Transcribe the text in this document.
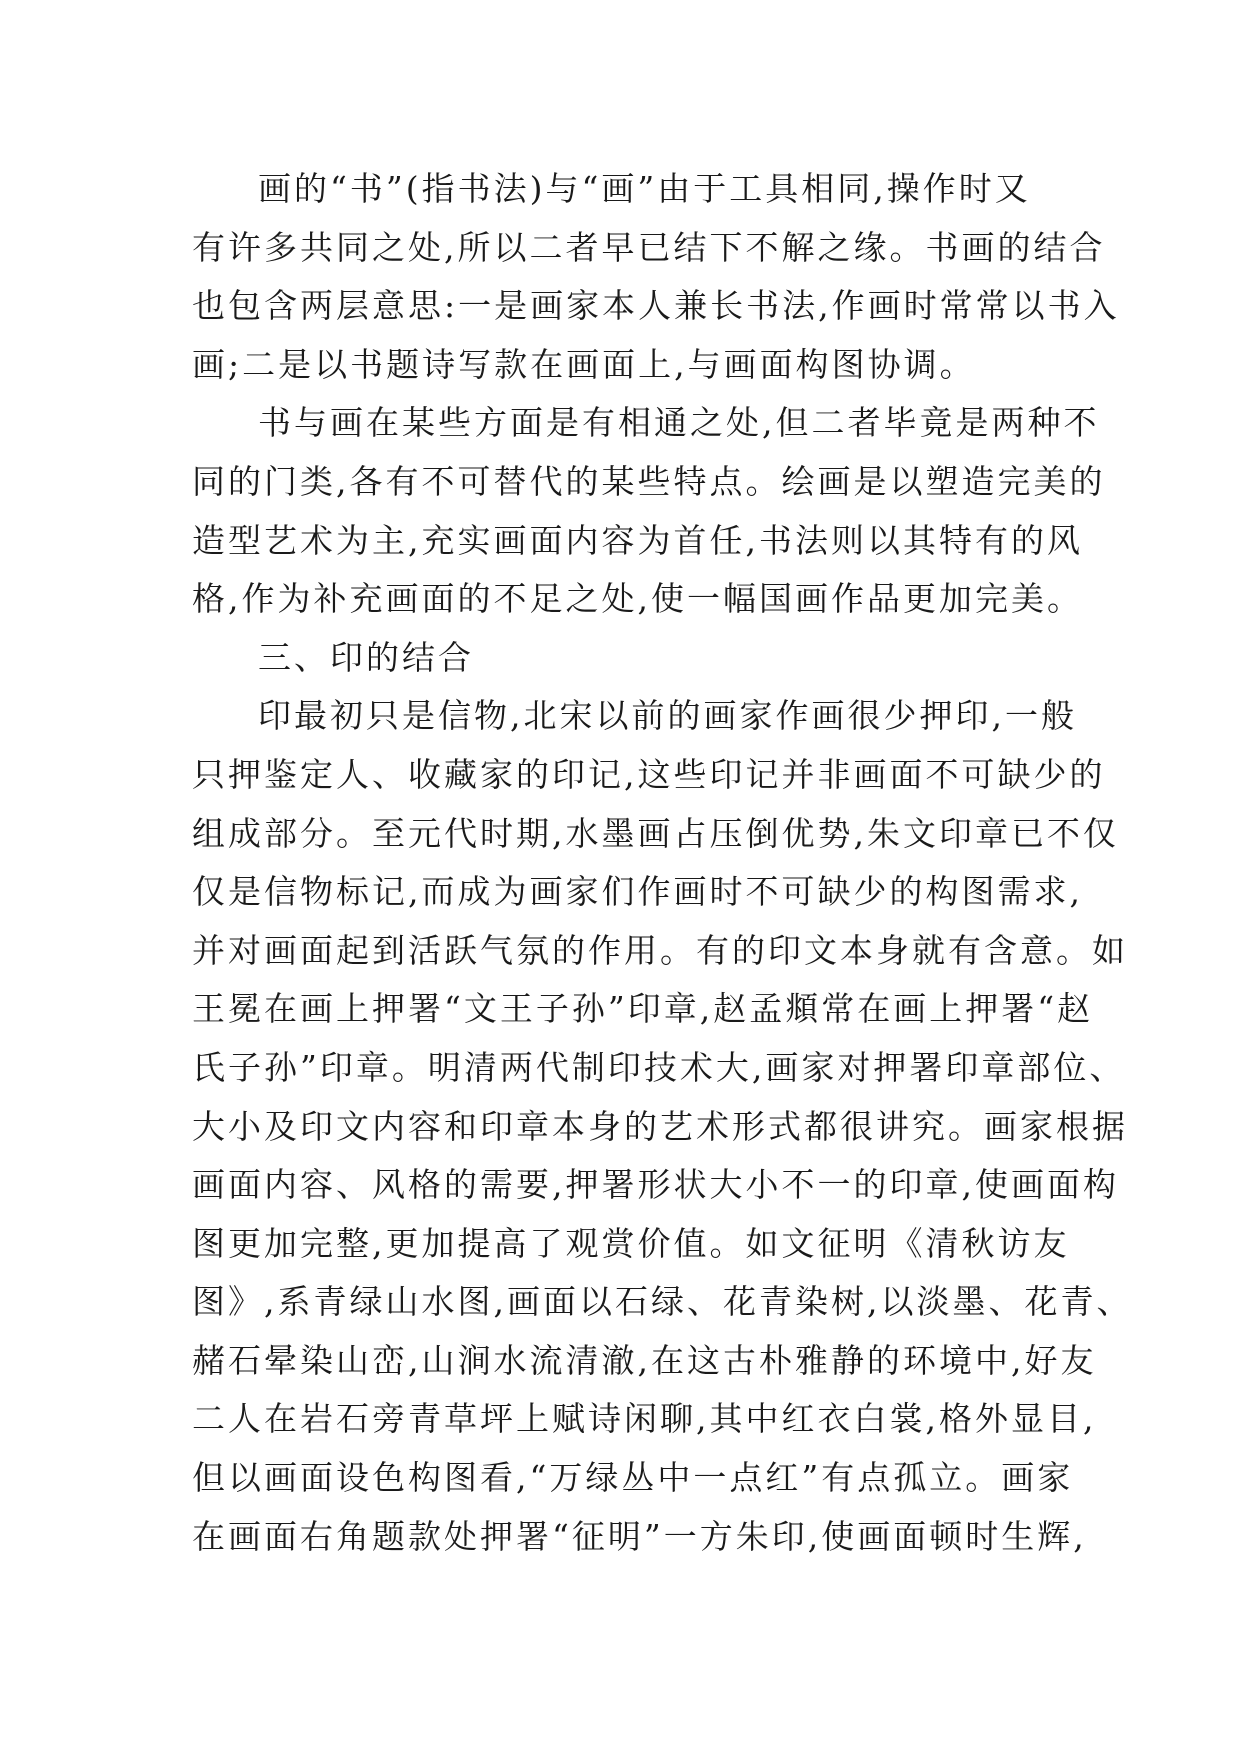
画的“书”(指书法)与“画”由于工具相同,操作时又
有许多共同之处,所以二者早已结下不解之缘。书画的结合
也包含两层意思:一是画家本人兼长书法,作画时常常以书入
画;二是以书题诗写款在画面上,与画面构图协调。
书与画在某些方面是有相通之处,但二者毕竟是两种不
同的门类,各有不可替代的某些特点。绘画是以塑造完美的
造型艺术为主,充实画面内容为首任,书法则以其特有的风
格,作为补充画面的不足之处,使一幅国画作品更加完美。
三、印的结合
印最初只是信物,北宋以前的画家作画很少押印,一般
只押鉴定人、收藏家的印记,这些印记并非画面不可缺少的
组成部分。至元代时期,水墨画占压倒优势,朱文印章已不仅
仅是信物标记,而成为画家们作画时不可缺少的构图需求,
并对画面起到活跃气氛的作用。有的印文本身就有含意。如
王冕在画上押署“文王子孙”印章,赵孟頫常在画上押署“赵
氏子孙”印章。明清两代制印技术大,画家对押署印章部位、
大小及印文内容和印章本身的艺术形式都很讲究。画家根据
画面内容、风格的需要,押署形状大小不一的印章,使画面构
图更加完整,更加提高了观赏价值。如文征明《清秋访友
图》,系青绿山水图,画面以石绿、花青染树,以淡墨、花青、
赭石晕染山峦,山涧水流清澈,在这古朴雅静的环境中,好友
二人在岩石旁青草坪上赋诗闲聊,其中红衣白裳,格外显目,
但以画面设色构图看,“万绿丛中一点红”有点孤立。画家
在画面右角题款处押署“征明”一方朱印,使画面顿时生辉,
